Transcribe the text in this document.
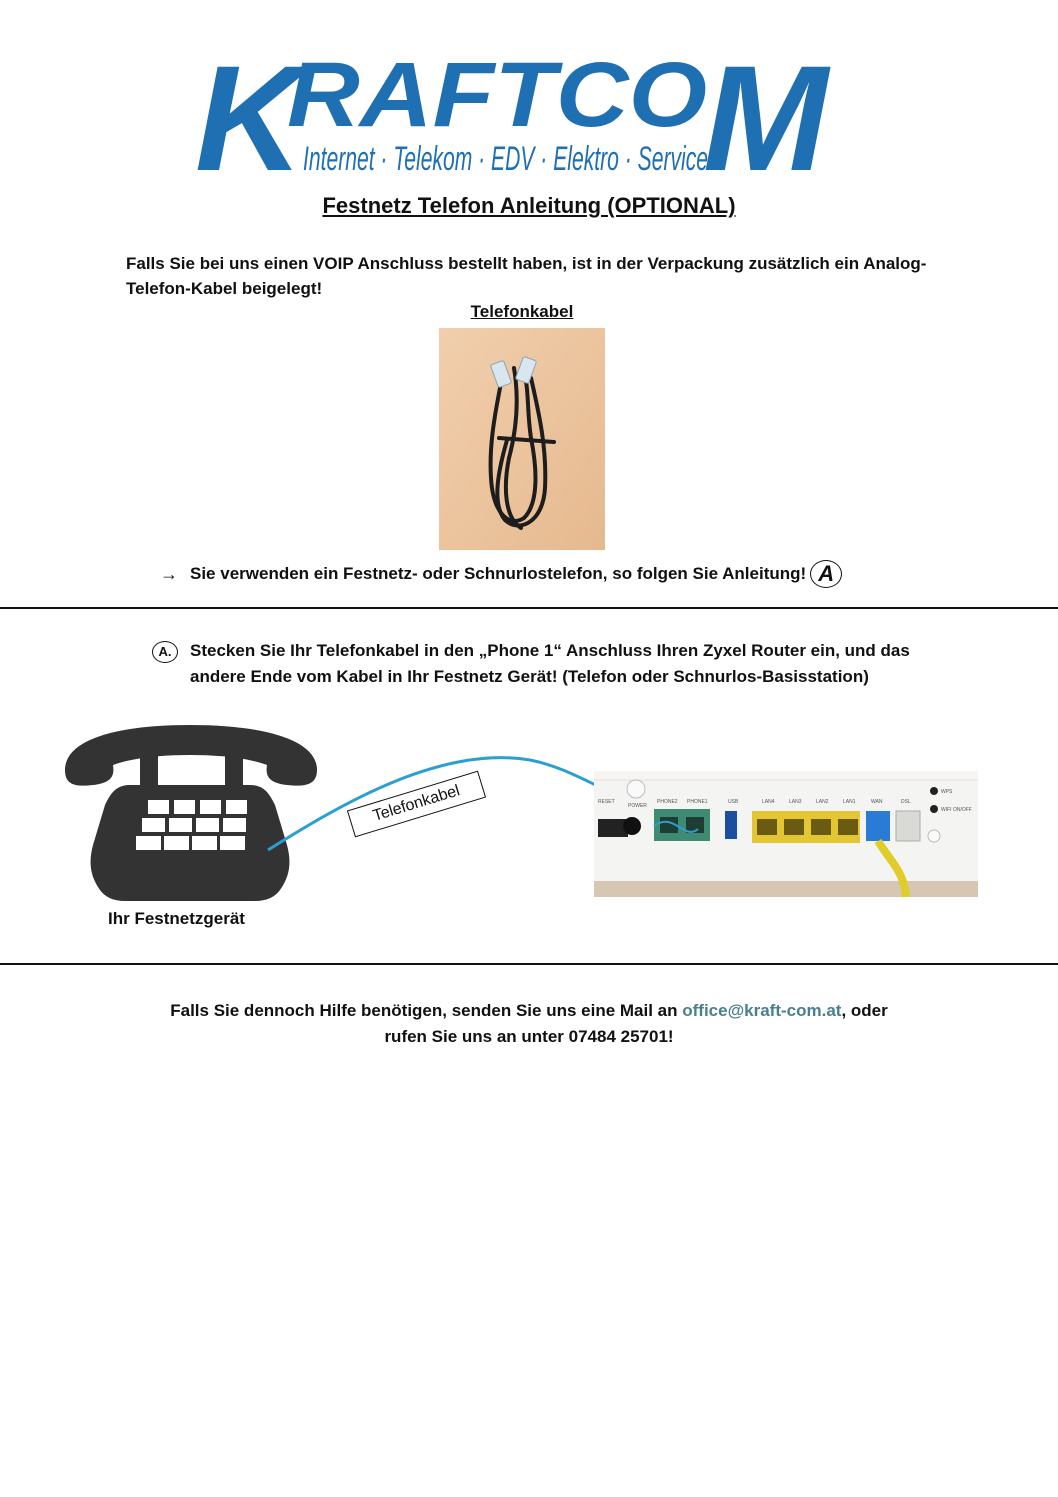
K
RAFTCO
M
Internet · Telekom · EDV · Elektro · Service
Festnetz Telefon Anleitung (OPTIONAL)
Falls Sie bei uns einen VOIP Anschluss bestellt haben, ist in der Verpackung zusätzlich ein Analog-Telefon-Kabel beigelegt!
Telefonkabel
→ Sie verwenden ein Festnetz- oder Schnurlostelefon, so folgen Sie Anleitung! A
A.	Stecken Sie Ihr Telefonkabel in den „Phone 1“ Anschluss Ihren Zyxel Router ein, und das andere Ende vom Kabel in Ihr Festnetz Gerät! (Telefon oder Schnurlos-Basisstation)
Ihr Festnetzgerät
Telefonkabel	RESET
POWER
PHONE2 PHONE1	USB	LAN4	LAN3	LAN2	LAN1	WAN	DSL
WPS
WIFI ON/OFF
Falls Sie dennoch Hilfe benötigen, senden Sie uns eine Mail an office@kraft-com.at, oder
rufen Sie uns an unter 07484 25701!
